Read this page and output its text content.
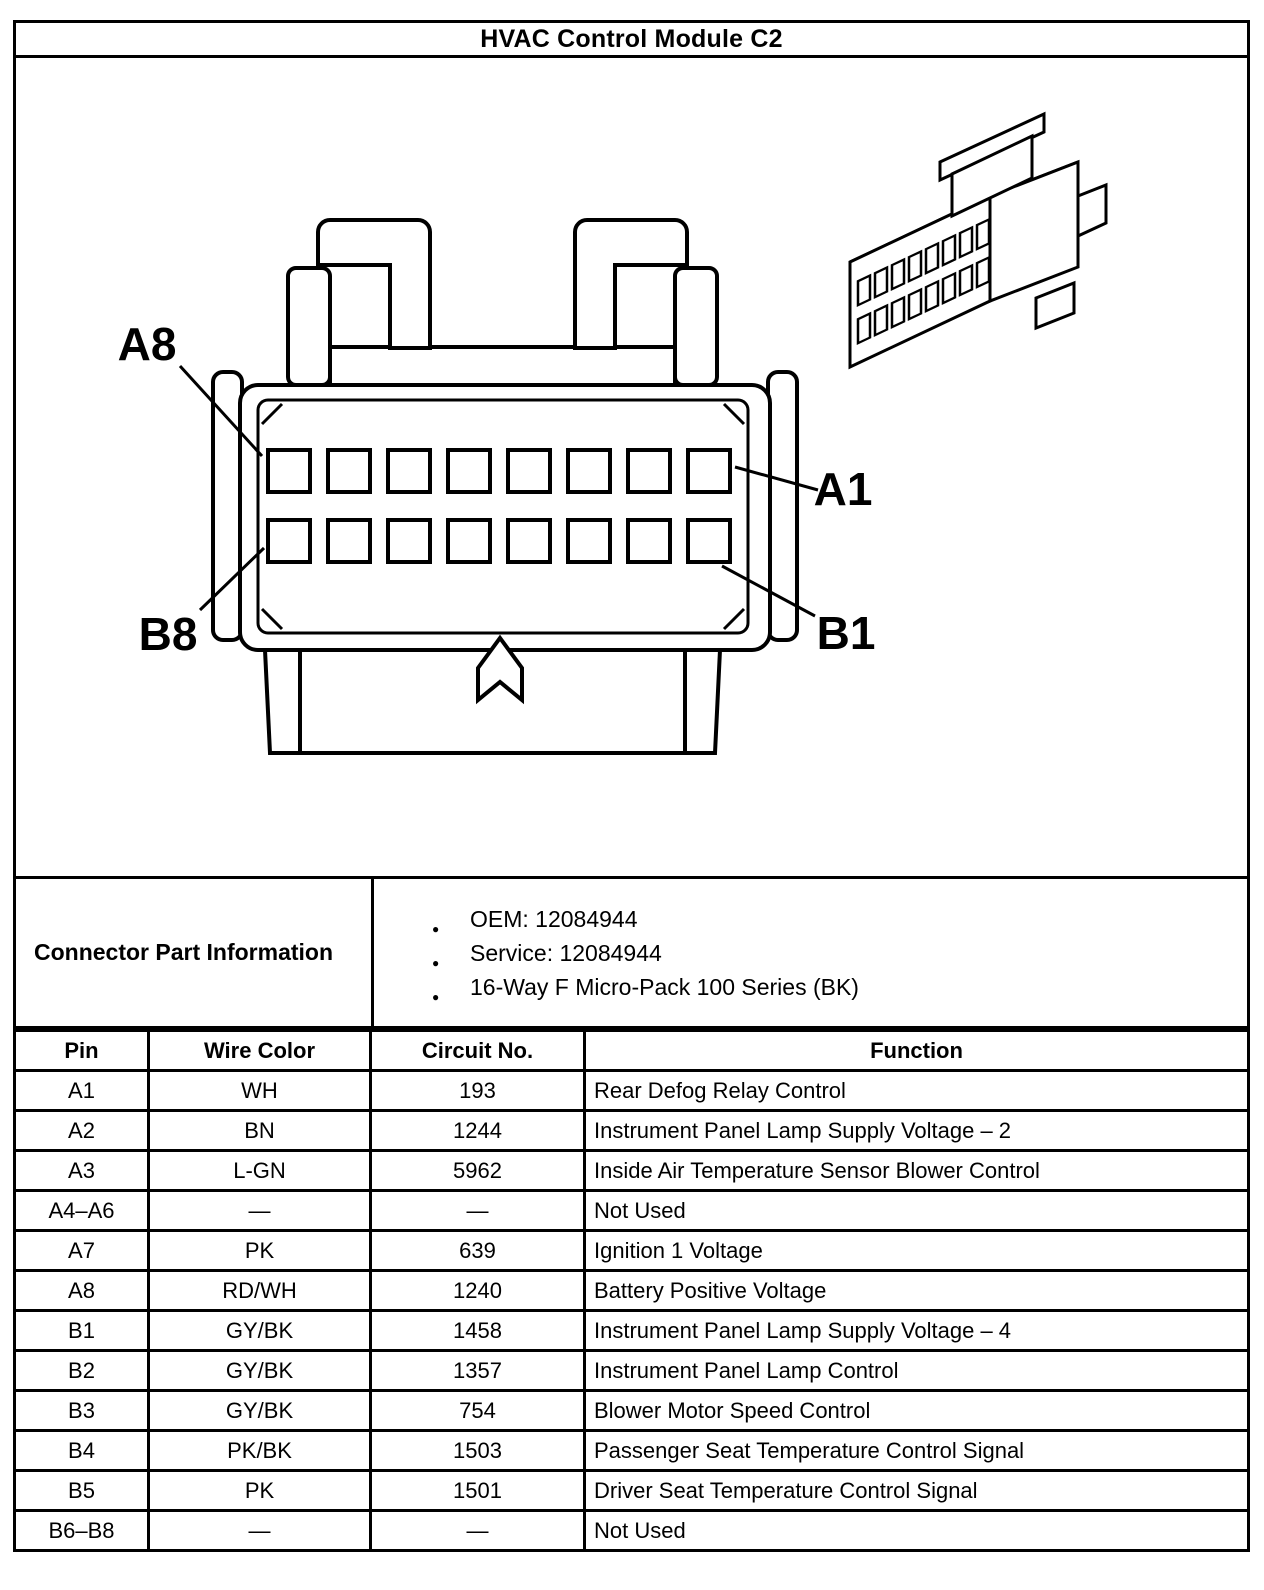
HVAC Control Module C2
A8
A1
B8	B1
Connector Part Information
● OEM: 12084944
● Service: 12084944
● 16-Way F Micro-Pack 100 Series (BK)
Pin	Wire Color	Circuit No.	Function
A1	WH	193	Rear Defog Relay Control
A2	BN	1244	Instrument Panel Lamp Supply Voltage – 2
A3	L-GN	5962	Inside Air Temperature Sensor Blower Control
A4–A6	—	—	Not Used
A7	PK	639	Ignition 1 Voltage
A8	RD/WH	1240	Battery Positive Voltage
B1	GY/BK	1458	Instrument Panel Lamp Supply Voltage – 4
B2	GY/BK	1357	Instrument Panel Lamp Control
B3	GY/BK	754	Blower Motor Speed Control
B4	PK/BK	1503	Passenger Seat Temperature Control Signal
B5	PK	1501	Driver Seat Temperature Control Signal
B6–B8	—	—	Not Used
